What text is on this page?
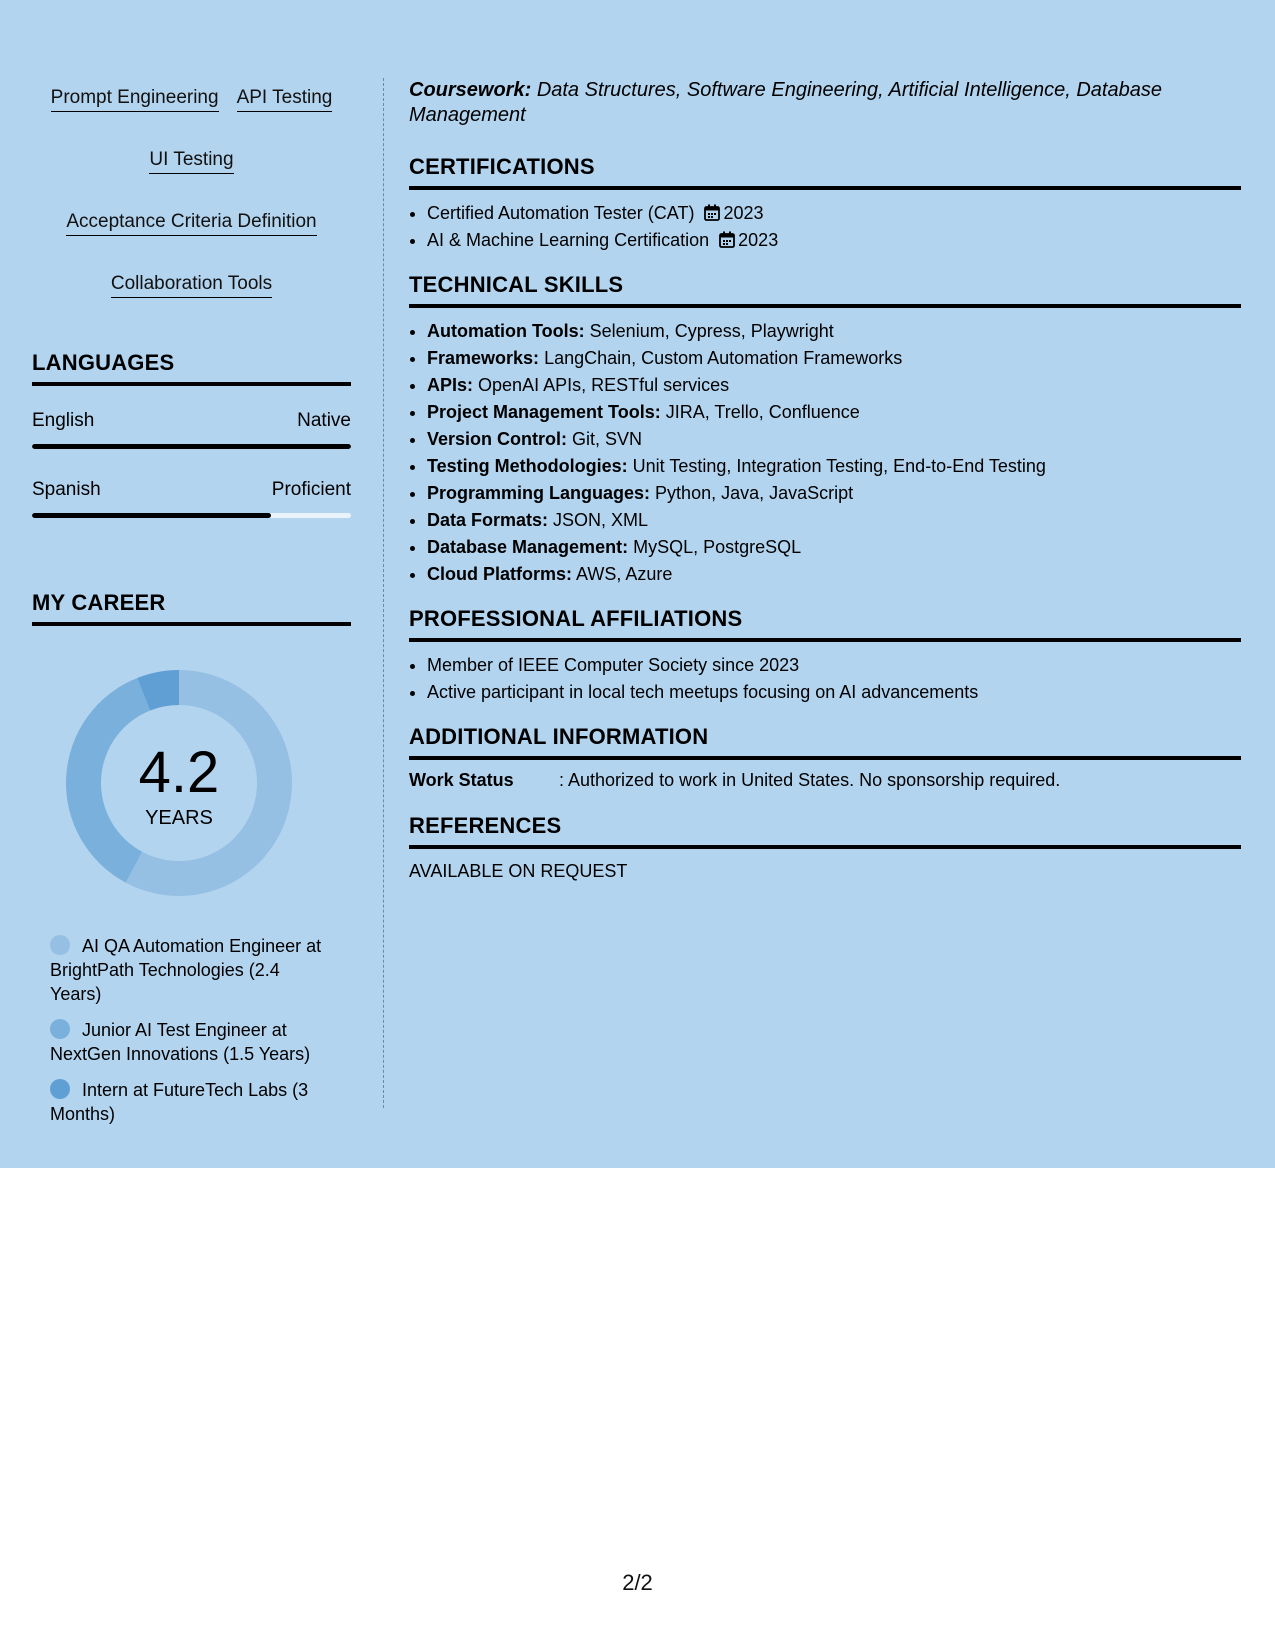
Prompt Engineering API Testing
UI Testing
Acceptance Criteria Definition
Collaboration Tools
LANGUAGES
English	Native
Spanish	Proficient
MY CAREER
4.2
YEARS
AI QA Automation Engineer at BrightPath Technologies (2.4 Years)
Junior AI Test Engineer at NextGen Innovations (1.5 Years)
Intern at FutureTech Labs (3 Months)

Coursework: Data Structures, Software Engineering, Artificial Intelligence, Database Management

CERTIFICATIONS
• Certified Automation Tester (CAT) 2023
• AI & Machine Learning Certification 2023
TECHNICAL SKILLS
• Automation Tools: Selenium, Cypress, Playwright
• Frameworks: LangChain, Custom Automation Frameworks
• APIs: OpenAI APIs, RESTful services
• Project Management Tools: JIRA, Trello, Confluence
• Version Control: Git, SVN
• Testing Methodologies: Unit Testing, Integration Testing, End-to-End Testing
• Programming Languages: Python, Java, JavaScript
• Data Formats: JSON, XML
• Database Management: MySQL, PostgreSQL
• Cloud Platforms: AWS, Azure
PROFESSIONAL AFFILIATIONS
• Member of IEEE Computer Society since 2023
• Active participant in local tech meetups focusing on AI advancements
ADDITIONAL INFORMATION
Work Status	: Authorized to work in United States. No sponsorship required.
REFERENCES
AVAILABLE ON REQUEST
2/2
